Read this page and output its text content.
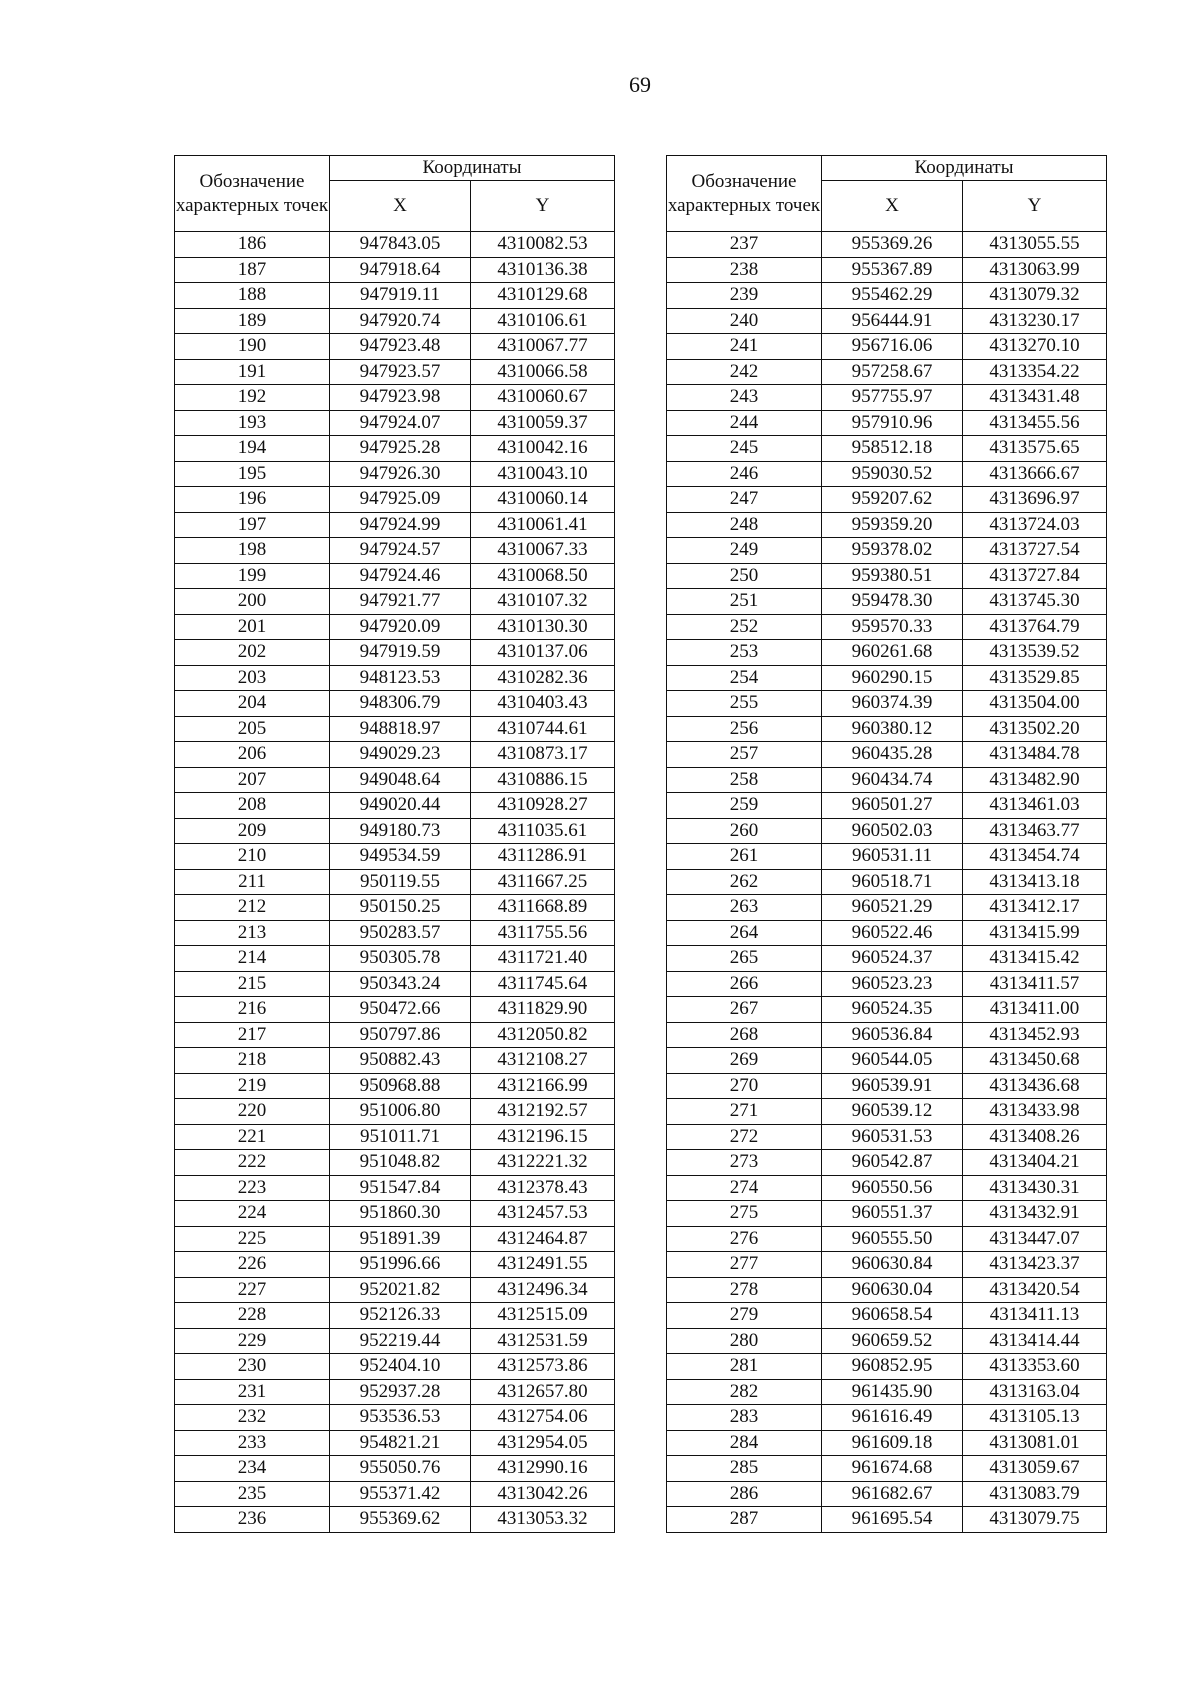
69
Обозначение характерных точек	Координаты	
	X	Y
186	947843.05	4310082.53
187	947918.64	4310136.38
188	947919.11	4310129.68
189	947920.74	4310106.61
190	947923.48	4310067.77
191	947923.57	4310066.58
192	947923.98	4310060.67
193	947924.07	4310059.37
194	947925.28	4310042.16
195	947926.30	4310043.10
196	947925.09	4310060.14
197	947924.99	4310061.41
198	947924.57	4310067.33
199	947924.46	4310068.50
200	947921.77	4310107.32
201	947920.09	4310130.30
202	947919.59	4310137.06
203	948123.53	4310282.36
204	948306.79	4310403.43
205	948818.97	4310744.61
206	949029.23	4310873.17
207	949048.64	4310886.15
208	949020.44	4310928.27
209	949180.73	4311035.61
210	949534.59	4311286.91
211	950119.55	4311667.25
212	950150.25	4311668.89
213	950283.57	4311755.56
214	950305.78	4311721.40
215	950343.24	4311745.64
216	950472.66	4311829.90
217	950797.86	4312050.82
218	950882.43	4312108.27
219	950968.88	4312166.99
220	951006.80	4312192.57
221	951011.71	4312196.15
222	951048.82	4312221.32
223	951547.84	4312378.43
224	951860.30	4312457.53
225	951891.39	4312464.87
226	951996.66	4312491.55
227	952021.82	4312496.34
228	952126.33	4312515.09
229	952219.44	4312531.59
230	952404.10	4312573.86
231	952937.28	4312657.80
232	953536.53	4312754.06
233	954821.21	4312954.05
234	955050.76	4312990.16
235	955371.42	4313042.26
236	955369.62	4313053.32
Обозначение характерных точек	Координаты	
	X	Y
237	955369.26	4313055.55
238	955367.89	4313063.99
239	955462.29	4313079.32
240	956444.91	4313230.17
241	956716.06	4313270.10
242	957258.67	4313354.22
243	957755.97	4313431.48
244	957910.96	4313455.56
245	958512.18	4313575.65
246	959030.52	4313666.67
247	959207.62	4313696.97
248	959359.20	4313724.03
249	959378.02	4313727.54
250	959380.51	4313727.84
251	959478.30	4313745.30
252	959570.33	4313764.79
253	960261.68	4313539.52
254	960290.15	4313529.85
255	960374.39	4313504.00
256	960380.12	4313502.20
257	960435.28	4313484.78
258	960434.74	4313482.90
259	960501.27	4313461.03
260	960502.03	4313463.77
261	960531.11	4313454.74
262	960518.71	4313413.18
263	960521.29	4313412.17
264	960522.46	4313415.99
265	960524.37	4313415.42
266	960523.23	4313411.57
267	960524.35	4313411.00
268	960536.84	4313452.93
269	960544.05	4313450.68
270	960539.91	4313436.68
271	960539.12	4313433.98
272	960531.53	4313408.26
273	960542.87	4313404.21
274	960550.56	4313430.31
275	960551.37	4313432.91
276	960555.50	4313447.07
277	960630.84	4313423.37
278	960630.04	4313420.54
279	960658.54	4313411.13
280	960659.52	4313414.44
281	960852.95	4313353.60
282	961435.90	4313163.04
283	961616.49	4313105.13
284	961609.18	4313081.01
285	961674.68	4313059.67
286	961682.67	4313083.79
287	961695.54	4313079.75
